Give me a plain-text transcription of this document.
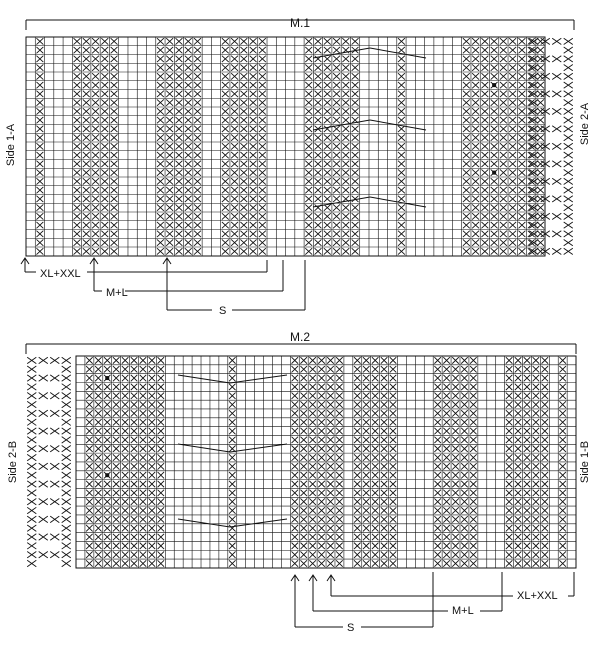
M.1
Side 1-A	Side 2-A
XL+XXL
M+L
S
M.2
Side 2-B	Side 1-B
XL+XXL
M+L
S
